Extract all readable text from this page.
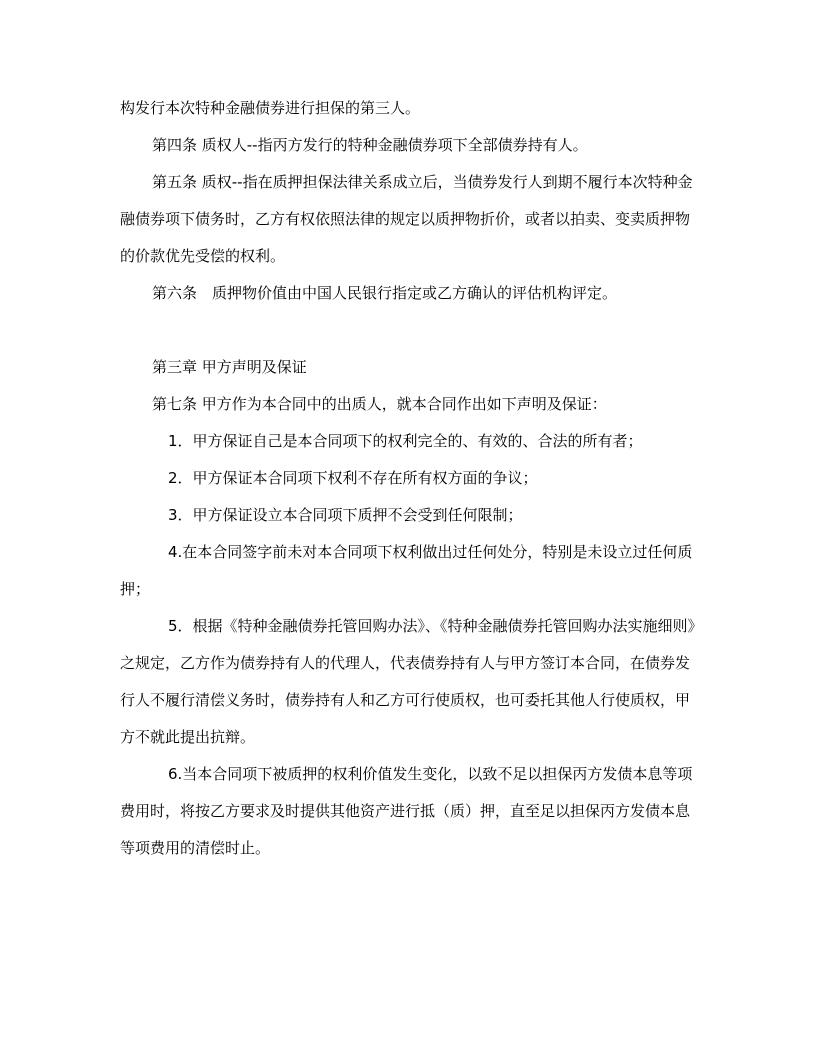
构发行本次特种金融债券进行担保的第三人。

第四条 质权人--指丙方发行的特种金融债券项下全部债券持有人。

第五条 质权--指在质押担保法律关系成立后，当债券发行人到期不履行本次特种金融债券项下债务时，乙方有权依照法律的规定以质押物折价，或者以拍卖、变卖质押物的价款优先受偿的权利。

第六条　质押物价值由中国人民银行指定或乙方确认的评估机构评定。

第三章 甲方声明及保证

第七条 甲方作为本合同中的出质人，就本合同作出如下声明及保证：

1．甲方保证自己是本合同项下的权利完全的、有效的、合法的所有者；

2．甲方保证本合同项下权利不存在所有权方面的争议；

3．甲方保证设立本合同项下质押不会受到任何限制；

4.在本合同签字前未对本合同项下权利做出过任何处分，特别是未设立过任何质押；

5．根据《特种金融债券托管回购办法》、《特种金融债券托管回购办法实施细则》之规定，乙方作为债券持有人的代理人，代表债券持有人与甲方签订本合同，在债券发行人不履行清偿义务时，债券持有人和乙方可行使质权，也可委托其他人行使质权，甲方不就此提出抗辩。

6.当本合同项下被质押的权利价值发生变化，以致不足以担保丙方发债本息等项费用时，将按乙方要求及时提供其他资产进行抵（质）押，直至足以担保丙方发债本息等项费用的清偿时止。
